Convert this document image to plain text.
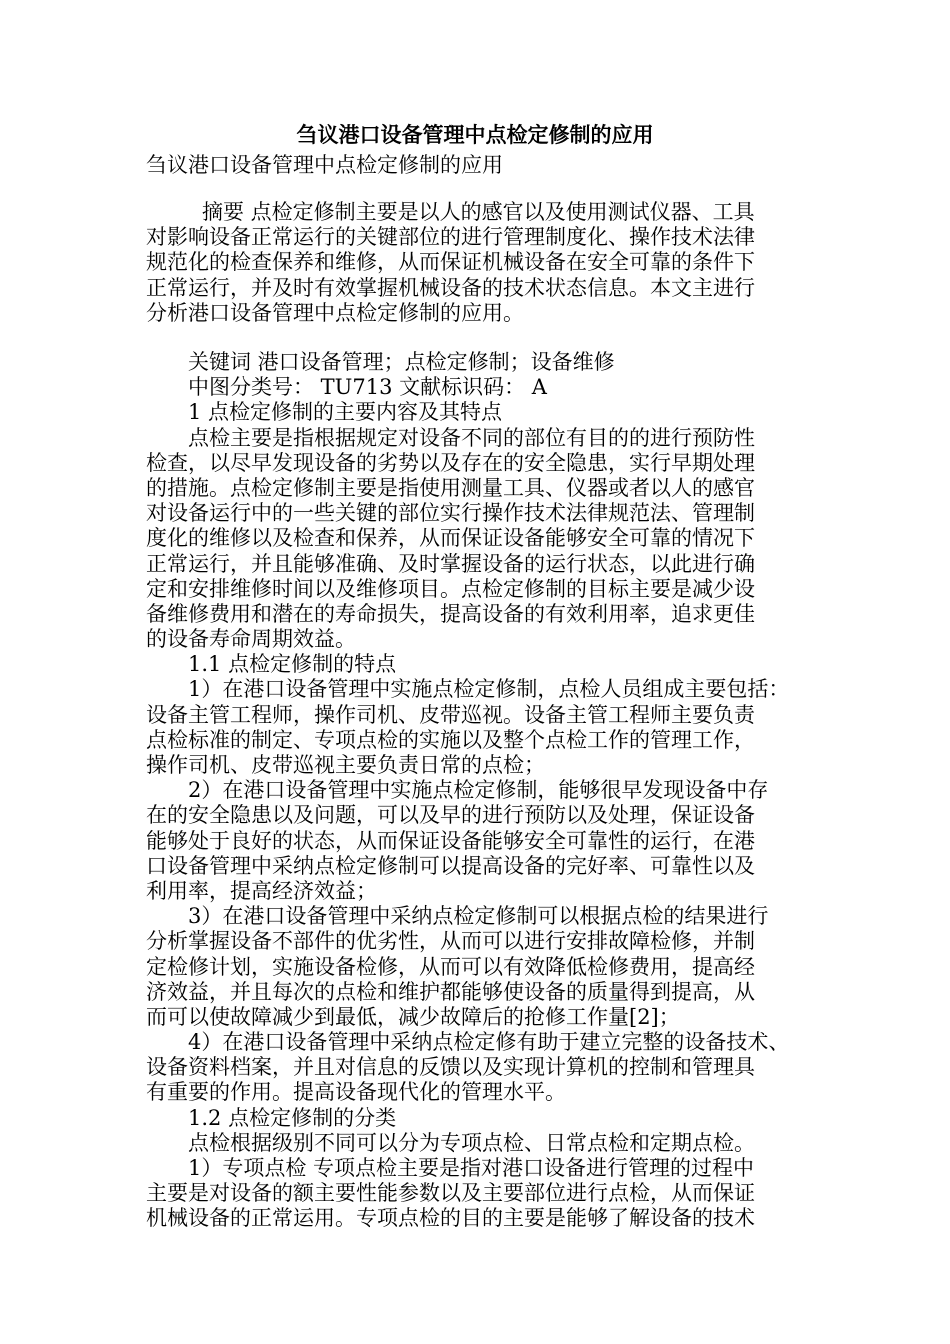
刍议港口设备管理中点检定修制的应用
刍议港口设备管理中点检定修制的应用
摘要 点检定修制主要是以人的感官以及使用测试仪器、工具
对影响设备正常运行的关键部位的进行管理制度化、操作技术法律
规范化的检查保养和维修，从而保证机械设备在安全可靠的条件下
正常运行，并及时有效掌握机械设备的技术状态信息。本文主进行
分析港口设备管理中点检定修制的应用。
关键词 港口设备管理；点检定修制；设备维修
中图分类号： TU713 文献标识码： A
1 点检定修制的主要内容及其特点
点检主要是指根据规定对设备不同的部位有目的的进行预防性
检查，以尽早发现设备的劣势以及存在的安全隐患，实行早期处理
的措施。点检定修制主要是指使用测量工具、仪器或者以人的感官
对设备运行中的一些关键的部位实行操作技术法律规范法、管理制
度化的维修以及检查和保养，从而保证设备能够安全可靠的情况下
正常运行，并且能够准确、及时掌握设备的运行状态，以此进行确
定和安排维修时间以及维修项目。点检定修制的目标主要是减少设
备维修费用和潜在的寿命损失，提高设备的有效利用率，追求更佳
的设备寿命周期效益。
1.1 点检定修制的特点
1）在港口设备管理中实施点检定修制，点检人员组成主要包括：
设备主管工程师，操作司机、皮带巡视。设备主管工程师主要负责
点检标准的制定、专项点检的实施以及整个点检工作的管理工作，
操作司机、皮带巡视主要负责日常的点检；
2）在港口设备管理中实施点检定修制，能够很早发现设备中存
在的安全隐患以及问题，可以及早的进行预防以及处理，保证设备
能够处于良好的状态，从而保证设备能够安全可靠性的运行，在港
口设备管理中采纳点检定修制可以提高设备的完好率、可靠性以及
利用率，提高经济效益；
3）在港口设备管理中采纳点检定修制可以根据点检的结果进行
分析掌握设备不部件的优劣性，从而可以进行安排故障检修，并制
定检修计划，实施设备检修，从而可以有效降低检修费用，提高经
济效益，并且每次的点检和维护都能够使设备的质量得到提高，从
而可以使故障减少到最低，减少故障后的抢修工作量[2]；
4）在港口设备管理中采纳点检定修有助于建立完整的设备技术、
设备资料档案，并且对信息的反馈以及实现计算机的控制和管理具
有重要的作用。提高设备现代化的管理水平。
1.2 点检定修制的分类
点检根据级别不同可以分为专项点检、日常点检和定期点检。
1）专项点检 专项点检主要是指对港口设备进行管理的过程中
主要是对设备的额主要性能参数以及主要部位进行点检，从而保证
机械设备的正常运用。专项点检的目的主要是能够了解设备的技术
